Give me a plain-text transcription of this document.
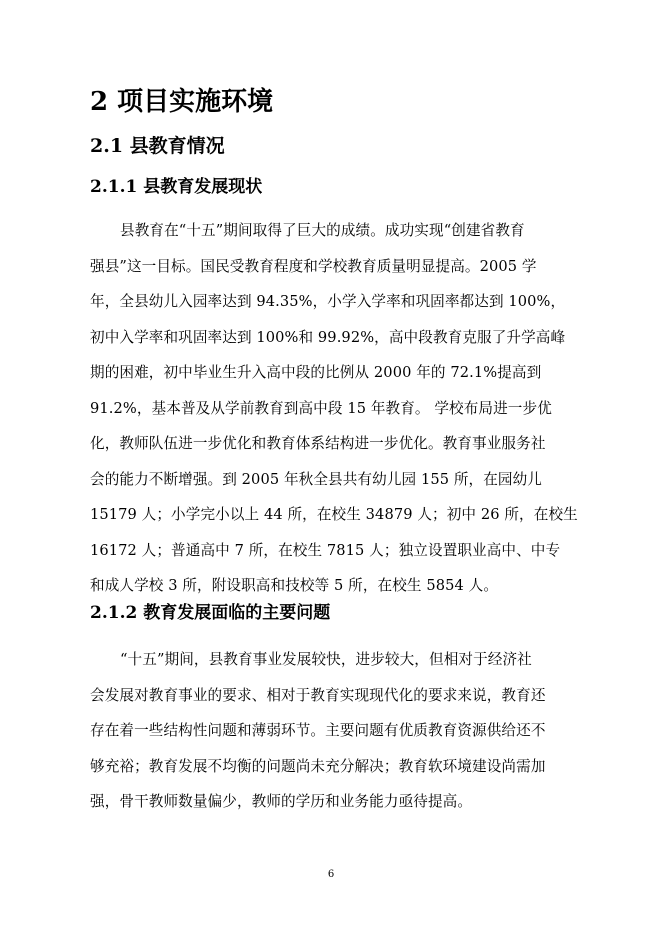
2 项目实施环境
2.1 县教育情况
2.1.1 县教育发展现状
县教育在“十五”期间取得了巨大的成绩。成功实现“创建省教育
强县”这一目标。国民受教育程度和学校教育质量明显提高。2005 学
年，全县幼儿入园率达到 94.35%，小学入学率和巩固率都达到 100%，
初中入学率和巩固率达到 100%和 99.92%，高中段教育克服了升学高峰
期的困难，初中毕业生升入高中段的比例从 2000 年的 72.1%提高到
91.2%，基本普及从学前教育到高中段 15 年教育。 学校布局进一步优
化，教师队伍进一步优化和教育体系结构进一步优化。教育事业服务社
会的能力不断增强。到 2005 年秋全县共有幼儿园 155 所，在园幼儿
15179 人；小学完小以上 44 所，在校生 34879 人；初中 26 所，在校生
16172 人；普通高中 7 所，在校生 7815 人；独立设置职业高中、中专
和成人学校 3 所，附设职高和技校等 5 所，在校生 5854 人。
2.1.2 教育发展面临的主要问题
“十五”期间，县教育事业发展较快，进步较大，但相对于经济社
会发展对教育事业的要求、相对于教育实现现代化的要求来说，教育还
存在着一些结构性问题和薄弱环节。主要问题有优质教育资源供给还不
够充裕；教育发展不均衡的问题尚未充分解决；教育软环境建设尚需加
强，骨干教师数量偏少，教师的学历和业务能力亟待提高。
6
